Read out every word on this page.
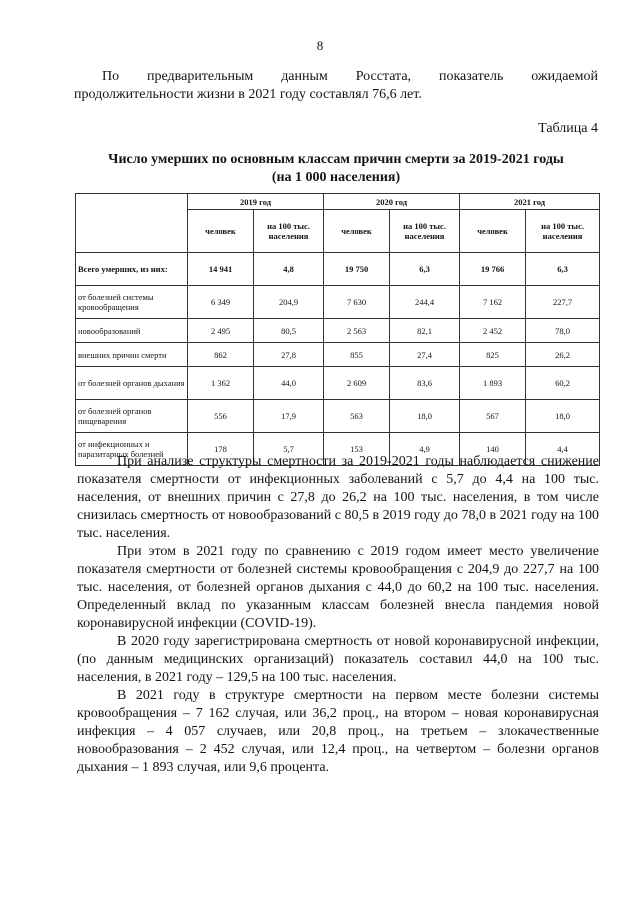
8
По предварительным данным Росстата, показатель ожидаемой
продолжительности жизни в 2021 году составлял 76,6 лет.
Таблица 4
Число умерших по основным классам причин смерти за 2019-2021 годы
(на 1 000 населения)
	2019 год		2020 год		2021 год	
	человек	на 100 тыс. населения	человек	на 100 тыс. населения	человек	на 100 тыс. населения
Всего умерших, из них:	14 941	4,8	19 750	6,3	19 766	6,3
от болезней системы кровообращения	6 349	204,9	7 630	244,4	7 162	227,7
новообразований	2 495	80,5	2 563	82,1	2 452	78,0
внешних причин смерти	862	27,8	855	27,4	825	26,2
от болезней органов дыхания	1 362	44,0	2 609	83,6	1 893	60,2
от болезней органов пищеварения	556	17,9	563	18,0	567	18,0
от инфекционных и паразитарных болезней	178	5,7	153	4,9	140	4,4

При анализе структуры смертности за 2019-2021 годы наблюдается снижение показателя смертности от инфекционных заболеваний с 5,7 до 4,4 на 100 тыс. населения, от внешних причин с 27,8 до 26,2 на 100 тыс. населения, в том числе снизилась смертность от новообразований с 80,5 в 2019 году до 78,0 в 2021 году на 100 тыс. населения.

При этом в 2021 году по сравнению с 2019 годом имеет место увеличение показателя смертности от болезней системы кровообращения с 204,9 до 227,7 на 100 тыс. населения, от болезней органов дыхания с 44,0 до 60,2 на 100 тыс. населения. Определенный вклад по указанным классам болезней внесла пандемия новой коронавирусной инфекции (COVID-19).

В 2020 году зарегистрирована смертность от новой коронавирусной инфекции, (по данным медицинских организаций) показатель составил 44,0 на 100 тыс. населения, в 2021 году – 129,5 на 100 тыс. населения.

В 2021 году в структуре смертности на первом месте болезни системы кровообращения – 7 162 случая, или 36,2 проц., на втором – новая коронавирусная инфекция – 4 057 случаев, или 20,8 проц., на третьем – злокачественные новообразования – 2 452 случая, или 12,4 проц., на четвертом – болезни органов дыхания – 1 893 случая, или 9,6 процента.
